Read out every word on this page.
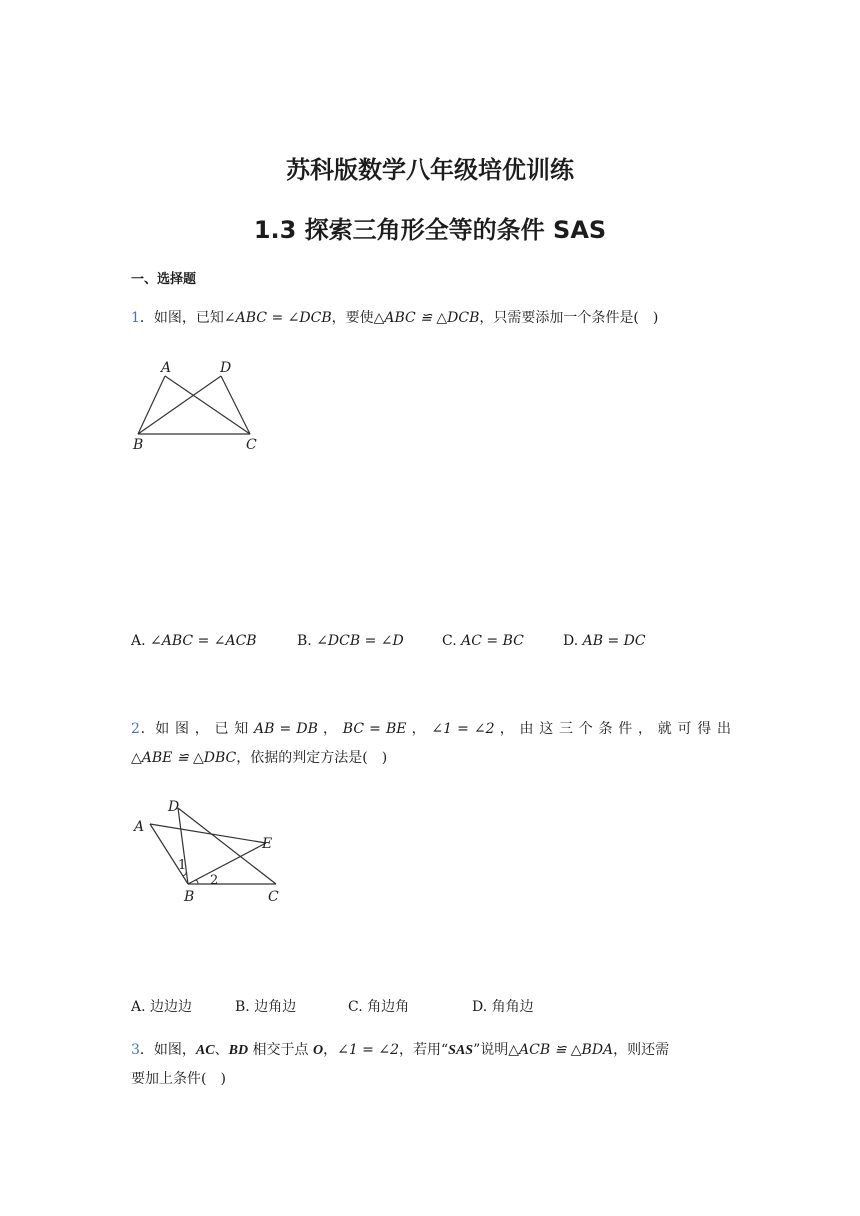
苏科版数学八年级培优训练
1.3 探索三角形全等的条件 SAS
一、选择题
1．如图，已知∠ABC = ∠DCB，要使△ABC ≌ △DCB，只需要添加一个条件是(　)
A	D
B	C
A. ∠ABC = ∠ACB	B. ∠DCB = ∠D	C. AC = BC	D. AB = DC
2．如 图 ， 已 知 AB = DB ， BC = BE ， ∠1 = ∠2 ， 由 这 三 个 条 件 ， 就 可 得 出
△ABE ≌ △DBC，依据的判定方法是(　)
D
A
E
1
2
B	C
A. 边边边	B. 边角边	C. 角边角	D. 角角边
3．如图，AC、BD 相交于点 O，∠1 = ∠2，若用“SAS”说明△ACB ≌ △BDA，则还需
要加上条件(　)
